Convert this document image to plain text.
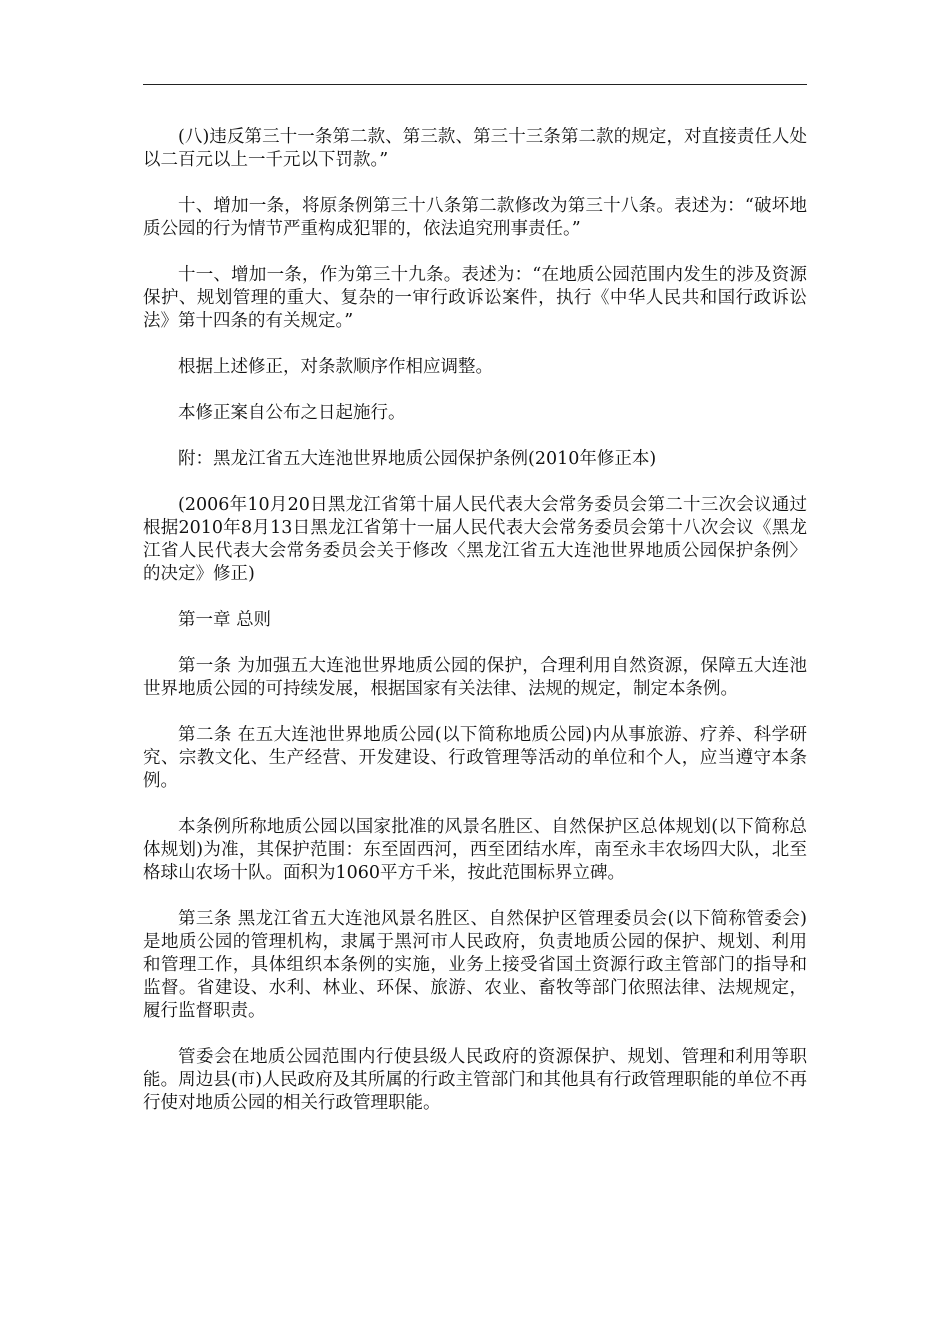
(八)违反第三十一条第二款、第三款、第三十三条第二款的规定，对直接责任人处以二百元以上一千元以下罚款。”

十、增加一条，将原条例第三十八条第二款修改为第三十八条。表述为：“破坏地质公园的行为情节严重构成犯罪的，依法追究刑事责任。”

十一、增加一条，作为第三十九条。表述为：“在地质公园范围内发生的涉及资源保护、规划管理的重大、复杂的一审行政诉讼案件，执行《中华人民共和国行政诉讼法》第十四条的有关规定。”

根据上述修正，对条款顺序作相应调整。

本修正案自公布之日起施行。

附：黑龙江省五大连池世界地质公园保护条例(2010年修正本)

(2006年10月20日黑龙江省第十届人民代表大会常务委员会第二十三次会议通过 根据2010年8月13日黑龙江省第十一届人民代表大会常务委员会第十八次会议《黑龙江省人民代表大会常务委员会关于修改〈黑龙江省五大连池世界地质公园保护条例〉的决定》修正)

第一章 总则

第一条 为加强五大连池世界地质公园的保护，合理利用自然资源，保障五大连池世界地质公园的可持续发展，根据国家有关法律、法规的规定，制定本条例。

第二条 在五大连池世界地质公园(以下简称地质公园)内从事旅游、疗养、科学研究、宗教文化、生产经营、开发建设、行政管理等活动的单位和个人，应当遵守本条例。

本条例所称地质公园以国家批准的风景名胜区、自然保护区总体规划(以下简称总体规划)为准，其保护范围：东至固西河，西至团结水库，南至永丰农场四大队，北至格球山农场十队。面积为1060平方千米，按此范围标界立碑。

第三条 黑龙江省五大连池风景名胜区、自然保护区管理委员会(以下简称管委会)是地质公园的管理机构，隶属于黑河市人民政府，负责地质公园的保护、规划、利用和管理工作，具体组织本条例的实施，业务上接受省国土资源行政主管部门的指导和监督。省建设、水利、林业、环保、旅游、农业、畜牧等部门依照法律、法规规定，履行监督职责。

管委会在地质公园范围内行使县级人民政府的资源保护、规划、管理和利用等职能。周边县(市)人民政府及其所属的行政主管部门和其他具有行政管理职能的单位不再行使对地质公园的相关行政管理职能。
